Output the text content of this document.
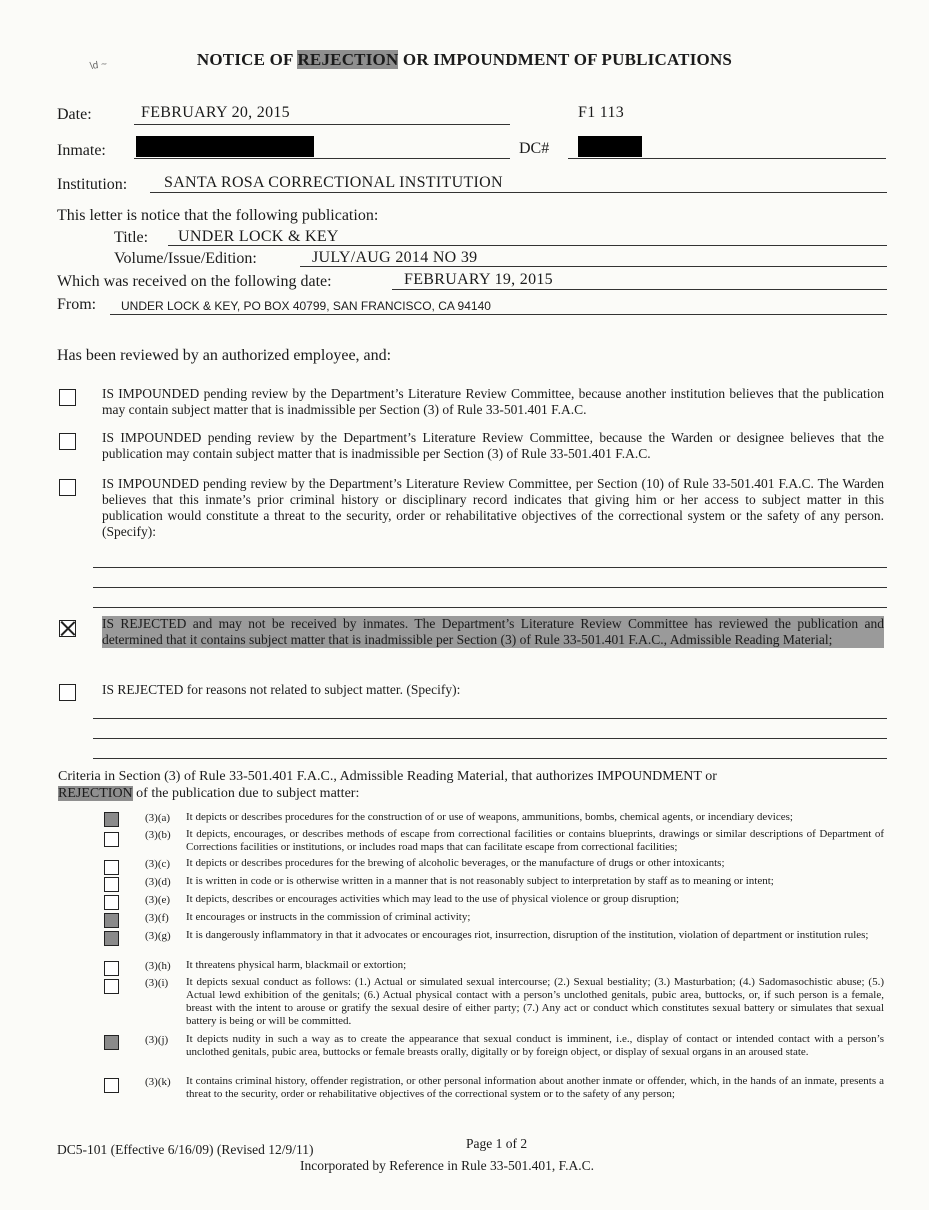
\d ~	NOTICE OF REJECTION OR IMPOUNDMENT OF PUBLICATIONS
Date:	FEBRUARY 20, 2015	F1 113
Inmate:	DC#
Institution: SANTA ROSA CORRECTIONAL INSTITUTION
This letter is notice that the following publication:
Title: UNDER LOCK & KEY
Volume/Issue/Edition:	JULY/AUG 2014 NO 39
Which was received on the following date:	FEBRUARY 19, 2015
From: UNDER LOCK & KEY, PO BOX 40799, SAN FRANCISCO, CA 94140
Has been reviewed by an authorized employee, and:
IS IMPOUNDED pending review by the Department’s Literature Review Committee, because another institution believes that the publication may contain subject matter that is inadmissible per Section (3) of Rule 33-501.401 F.A.C.
IS IMPOUNDED pending review by the Department’s Literature Review Committee, because the Warden or designee believes that the publication may contain subject matter that is inadmissible per Section (3) of Rule 33-501.401 F.A.C.
IS IMPOUNDED pending review by the Department’s Literature Review Committee, per Section (10) of Rule 33-501.401 F.A.C. The Warden believes that this inmate’s prior criminal history or disciplinary record indicates that giving him or her access to subject matter in this publication would constitute a threat to the security, order or rehabilitative objectives of the correctional system or the safety of any person. (Specify):
IS REJECTED and may not be received by inmates. The Department’s Literature Review Committee has reviewed the publication and determined that it contains subject matter that is inadmissible per Section (3) of Rule 33-501.401 F.A.C., Admissible Reading Material;
IS REJECTED for reasons not related to subject matter. (Specify):
Criteria in Section (3) of Rule 33-501.401 F.A.C., Admissible Reading Material, that authorizes IMPOUNDMENT or
REJECTION of the publication due to subject matter:
(3)(a) It depicts or describes procedures for the construction of or use of weapons, ammunitions, bombs, chemical agents, or incendiary devices;
(3)(b) It depicts, encourages, or describes methods of escape from correctional facilities or contains blueprints, drawings or similar descriptions of Department of Corrections facilities or institutions, or includes road maps that can facilitate escape from correctional facilities;
(3)(c) It depicts or describes procedures for the brewing of alcoholic beverages, or the manufacture of drugs or other intoxicants;
(3)(d) It is written in code or is otherwise written in a manner that is not reasonably subject to interpretation by staff as to meaning or intent;
(3)(e) It depicts, describes or encourages activities which may lead to the use of physical violence or group disruption;
(3)(f) It encourages or instructs in the commission of criminal activity;
(3)(g) It is dangerously inflammatory in that it advocates or encourages riot, insurrection, disruption of the institution, violation of department or institution rules;
(3)(h) It threatens physical harm, blackmail or extortion;
(3)(i) It depicts sexual conduct as follows: (1.) Actual or simulated sexual intercourse; (2.) Sexual bestiality; (3.) Masturbation; (4.) Sadomasochistic abuse; (5.) Actual lewd exhibition of the genitals; (6.) Actual physical contact with a person’s unclothed genitals, pubic area, buttocks, or, if such person is a female, breast with the intent to arouse or gratify the sexual desire of either party; (7.) Any act or conduct which constitutes sexual battery or simulates that sexual battery is being or will be committed.
(3)(j) It depicts nudity in such a way as to create the appearance that sexual conduct is imminent, i.e., display of contact or intended contact with a person’s unclothed genitals, pubic area, buttocks or female breasts orally, digitally or by foreign object, or display of sexual organs in an aroused state.
(3)(k) It contains criminal history, offender registration, or other personal information about another inmate or offender, which, in the hands of an inmate, presents a threat to the security, order or rehabilitative objectives of the correctional system or to the safety of any person;
DC5-101 (Effective 6/16/09) (Revised 12/9/11)	Page 1 of 2
Incorporated by Reference in Rule 33-501.401, F.A.C.
